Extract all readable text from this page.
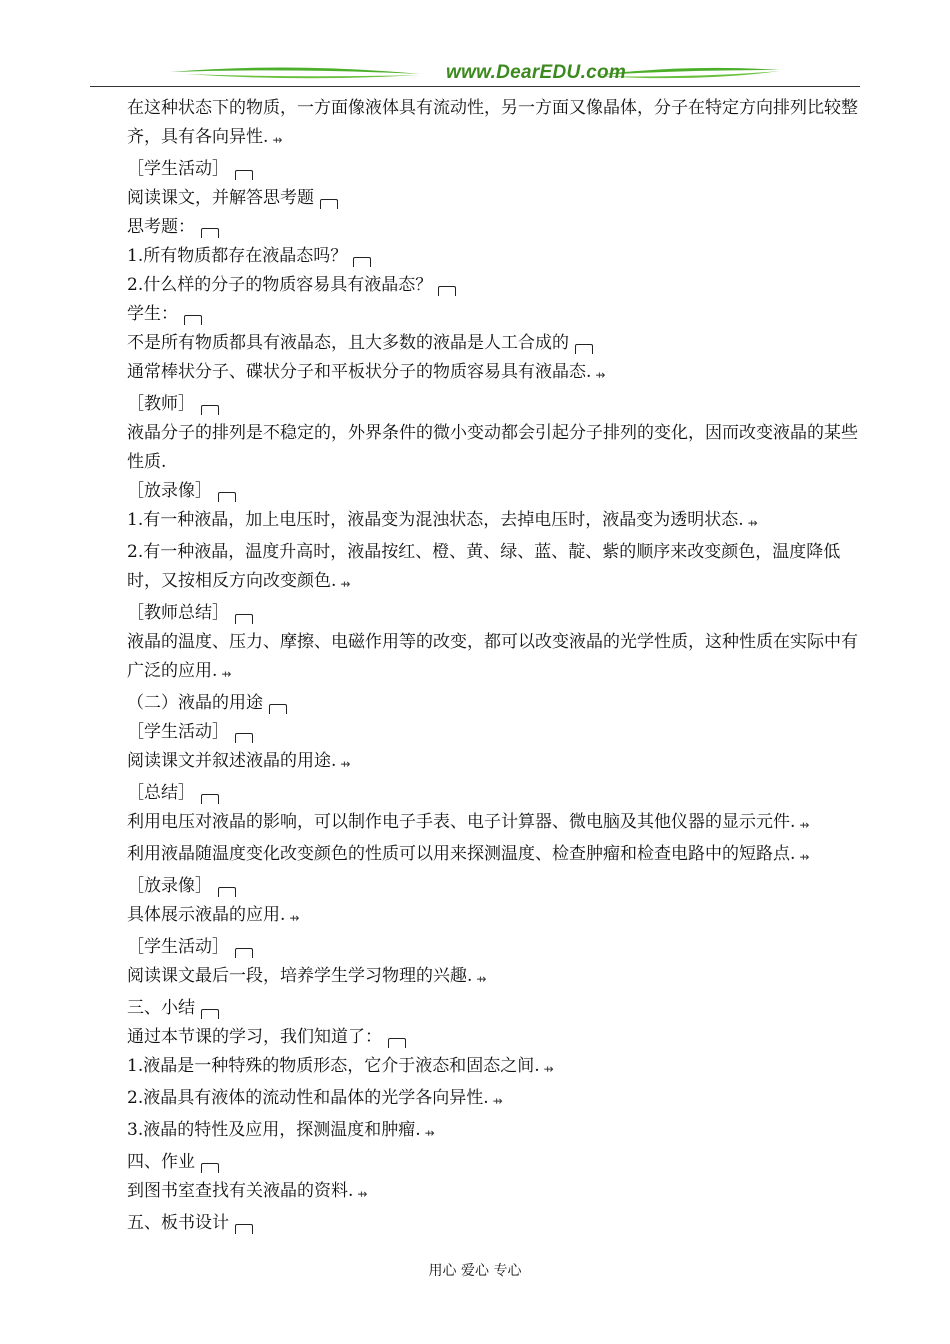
www.DearEDU.com
在这种状态下的物质，一方面像液体具有流动性，另一方面又像晶体，分子在特定方向排列比较整齐，具有各向异性. ⇸
［学生活动］
阅读课文，并解答思考题
思考题：
1.所有物质都存在液晶态吗？
2.什么样的分子的物质容易具有液晶态？
学生：
不是所有物质都具有液晶态，且大多数的液晶是人工合成的
通常棒状分子、碟状分子和平板状分子的物质容易具有液晶态. ⇸
［教师］
液晶分子的排列是不稳定的，外界条件的微小变动都会引起分子排列的变化，因而改变液晶的某些性质.
［放录像］
1.有一种液晶，加上电压时，液晶变为混浊状态，去掉电压时，液晶变为透明状态. ⇸
2.有一种液晶，温度升高时，液晶按红、橙、黄、绿、蓝、靛、紫的顺序来改变颜色，温度降低时，又按相反方向改变颜色. ⇸
［教师总结］
液晶的温度、压力、摩擦、电磁作用等的改变，都可以改变液晶的光学性质，这种性质在实际中有广泛的应用. ⇸
（二）液晶的用途
［学生活动］
阅读课文并叙述液晶的用途. ⇸
［总结］
利用电压对液晶的影响，可以制作电子手表、电子计算器、微电脑及其他仪器的显示元件. ⇸
利用液晶随温度变化改变颜色的性质可以用来探测温度、检查肿瘤和检查电路中的短路点. ⇸
［放录像］
具体展示液晶的应用. ⇸
［学生活动］
阅读课文最后一段，培养学生学习物理的兴趣. ⇸
三、小结
通过本节课的学习，我们知道了：
1.液晶是一种特殊的物质形态，它介于液态和固态之间. ⇸
2.液晶具有液体的流动性和晶体的光学各向异性. ⇸
3.液晶的特性及应用，探测温度和肿瘤. ⇸
四、作业
到图书室查找有关液晶的资料. ⇸
五、板书设计
用心 爱心 专心
